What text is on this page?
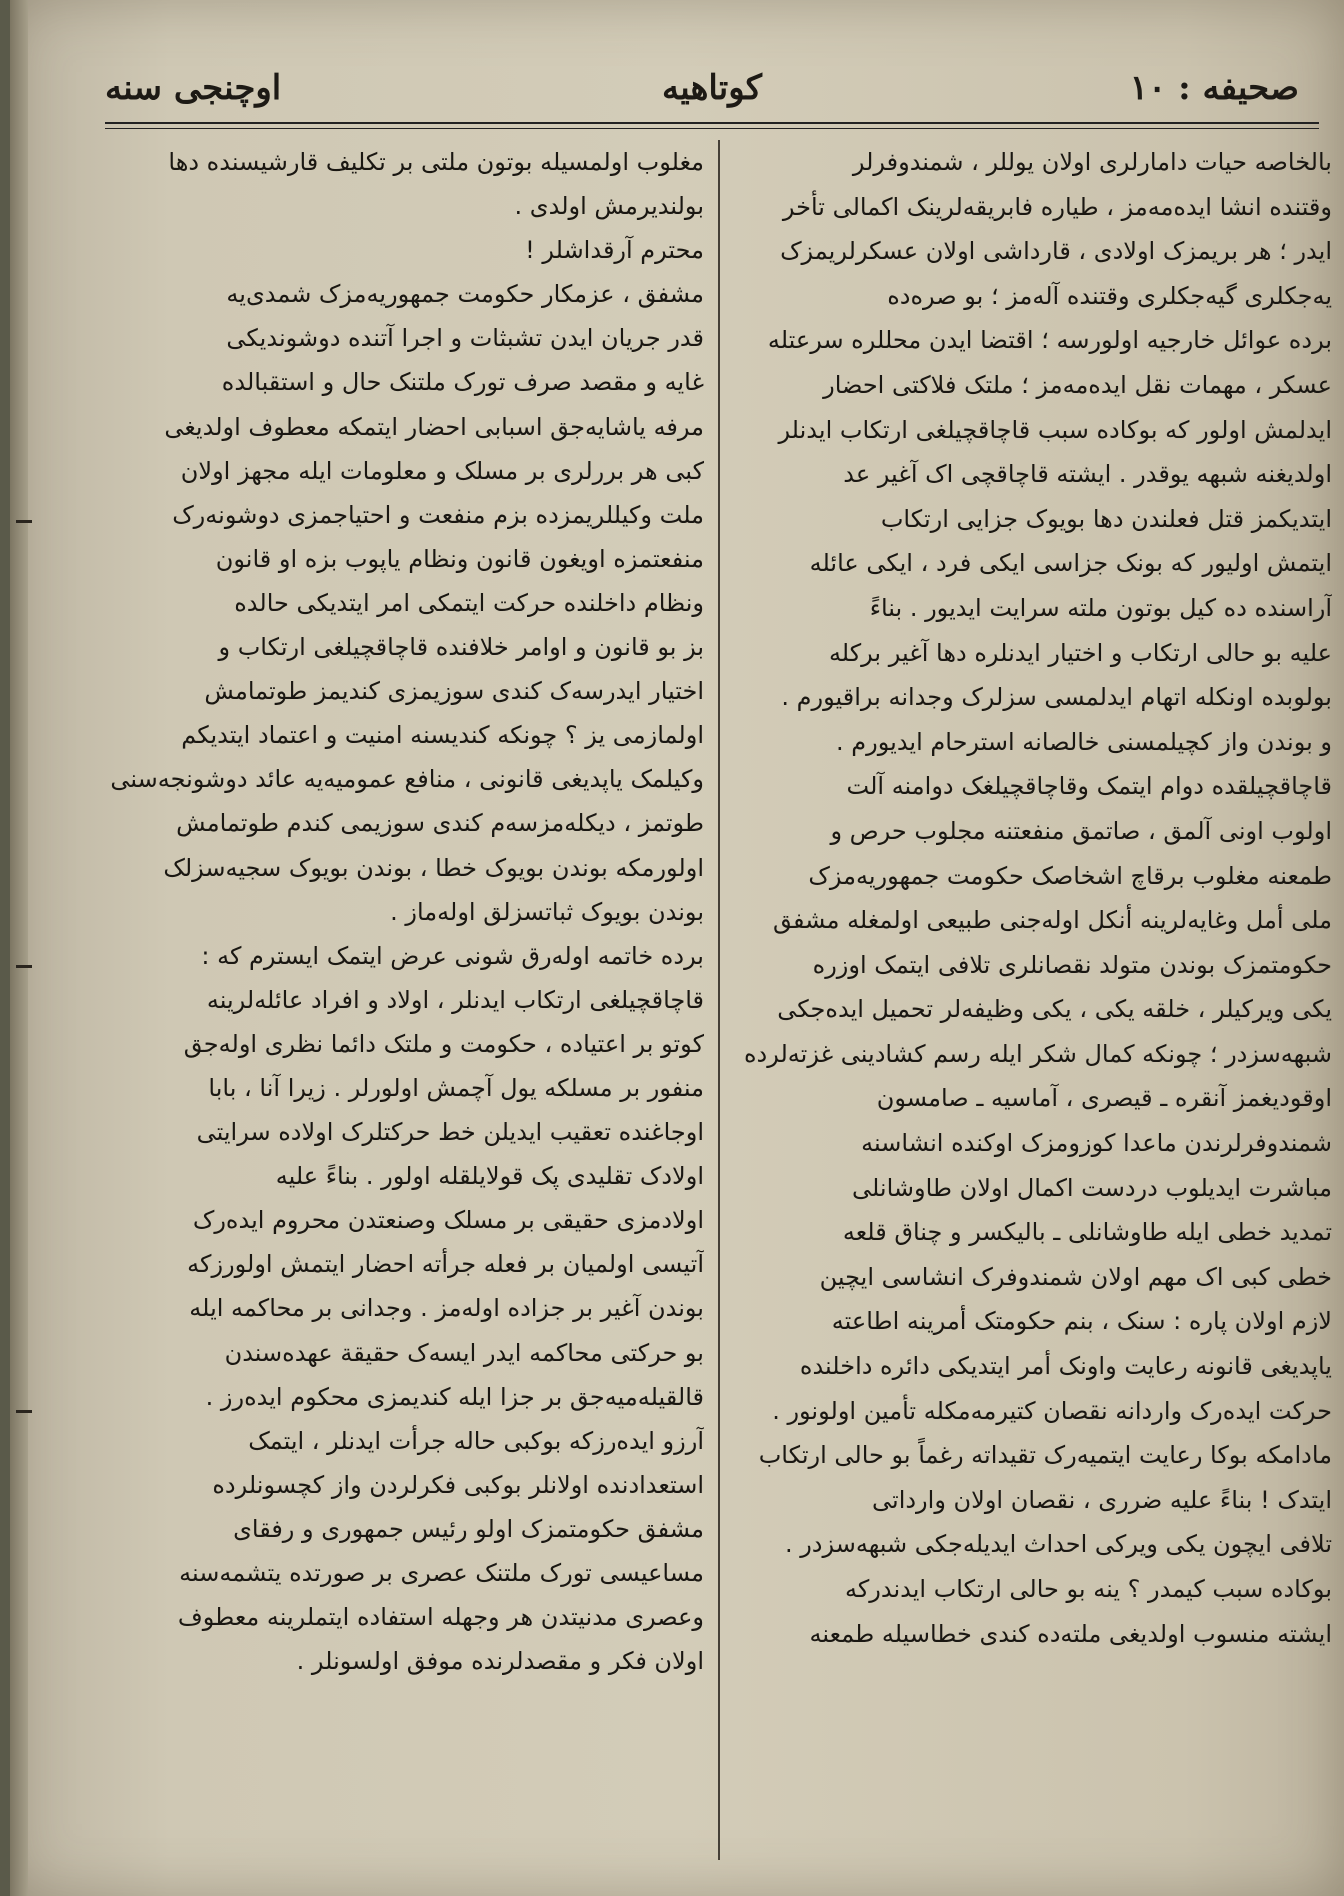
صحیفه : ۱۰
کوتاهیه
اوچنجی سنه
بالخاصه حیات دامارلری اولان یوللر ، شمندوفرلر
وقتنده انشا ایده‌مه‌مز ، طیاره فابریقه‌لرینک اکمالی تأخر
ایدر ؛ هر بریمزک اولادی ، قارداشی اولان عسکرلریمزک
یه‌جکلری گیه‌جکلری وقتنده آله‌مز ؛ بو صره‌ده
برده عوائل خارجیه اولورسه ؛ اقتضا ایدن محللره سرعتله
عسکر ، مهمات نقل ایده‌مه‌مز ؛ ملتک فلاکتی احضار
ایدلمش اولور که بوکاده سبب قاچاقچیلغی ارتکاب ایدنلر
اولدیغنه شبهه یوقدر . ایشته قاچاقچی اک آغیر عد
ایتدیکمز قتل فعلندن دها بویوک جزایی ارتکاب
ایتمش اولیور که بونک جزاسی ایکی فرد ، ایکی عائله
آراسنده ده کیل بوتون ملته سرایت ایدیور . بناءً
علیه بو حالی ارتکاب و اختیار ایدنلره دها آغیر برکله
بولوبده اونکله اتهام ایدلمسی سزلرک وجدانه براقیورم .
و بوندن واز کچیلمسنی خالصانه استرحام ایدیورم .
قاچاقچیلقده دوام ایتمک وقاچاقچیلغک دوامنه آلت
اولوب اونی آلمق ، صاتمق منفعتنه مجلوب حرص و
طمعنه مغلوب برقاچ اشخاصک حکومت جمهوریه‌مزک
ملی أمل وغایه‌لرینه أنکل اوله‌جنی طبیعی اولمغله مشفق
حکومتمزک بوندن متولد نقصانلری تلافی ایتمک اوزره
یکی ویرکیلر ، خلقه یکی ، یکی وظیفه‌لر تحمیل ایده‌جکی
شبهه‌سزدر ؛ چونکه کمال شکر ایله رسم کشادینی غزته‌لرده
اوقودیغمز آنقره ـ قیصری ، آماسیه ـ صامسون
شمندوفرلرندن ماعدا کوزومزک اوکنده انشاسنه
مباشرت ایدیلوب دردست اکمال اولان طاوشانلی
تمدید خطی ایله طاوشانلی ـ بالیکسر و چناق قلعه
خطی کبی اک مهم اولان شمندوفرک انشاسی ایچین
لازم اولان پاره : سنک ، بنم حکومتک أمرینه اطاعته
یاپدیغی قانونه رعایت واونک أمر ایتدیکی دائره داخلنده
حرکت ایده‌رک واردانه نقصان کتیرمه‌مکله تأمین اولونور .
مادامکه بوکا رعایت ایتمیه‌رک تقیداته رغماً بو حالی ارتکاب
ایتدک ! بناءً علیه ضرری ، نقصان اولان وارداتی
تلافی ایچون یکی ویرکی احداث ایدیله‌جکی شبهه‌سزدر .
بوکاده سبب کیمدر ؟ ینه بو حالی ارتکاب ایدندرکه
ایشته منسوب اولدیغی ملته‌ده کندی خطاسیله طمعنه
مغلوب اولمسیله بوتون ملتی بر تکلیف قارشیسنده دها
بولندیرمش اولدی .
محترم آرقداشلر !
مشفق ، عزمکار حکومت جمهوریه‌مزک شمدی‌یه
قدر جریان ایدن تشبثات و اجرا آتنده دوشوندیکی
غایه و مقصد صرف تورک ملتنک حال و استقبالده
مرفه یاشایه‌جق اسبابی احضار ایتمکه معطوف اولدیغی
کبی هر بررلری بر مسلک و معلومات ایله مجهز اولان
ملت وکیللریمزده بزم منفعت و احتیاجمزی دوشونه‌رک
منفعتمزه اویغون قانون ونظام یاپوب بزه او قانون
ونظام داخلنده حرکت ایتمکی امر ایتدیکی حالده
بز بو قانون و اوامر خلافنده قاچاقچیلغی ارتکاب و
اختیار ایدرسه‌ک کندی سوزیمزی کندیمز طوتمامش
اولمازمی یز ؟ چونکه کندیسنه امنیت و اعتماد ایتدیکم
وکیلمک یاپدیغی قانونی ، منافع عمومیه‌یه عائد دوشونجه‌سنی
طوتمز ، دیکله‌مزسه‌م کندی سوزیمی کندم طوتمامش
اولورمکه بوندن بویوک خطا ، بوندن بویوک سجیه‌سزلک
بوندن بویوک ثباتسزلق اوله‌ماز .
برده خاتمه اوله‌رق شونی عرض ایتمک ایسترم که :
قاچاقچیلغی ارتکاب ایدنلر ، اولاد و افراد عائله‌لرینه
کوتو بر اعتیاده ، حکومت و ملتک دائما نظری اوله‌جق
منفور بر مسلکه یول آچمش اولورلر . زیرا آنا ، بابا
اوجاغنده تعقیب ایدیلن خط حرکتلرک اولاده سرایتی
اولادک تقلیدی پک قولایلقله اولور . بناءً علیه
اولادمزی حقیقی بر مسلک وصنعتدن محروم ایده‌رک
آتیسی اولمیان بر فعله جرأته احضار ایتمش اولورزکه
بوندن آغیر بر جزاده اوله‌مز . وجدانی بر محاکمه ایله
بو حرکتی محاکمه ایدر ایسه‌ک حقیقة عهده‌سندن
قالقیله‌میه‌جق بر جزا ایله کندیمزی محکوم ایده‌رز .
آرزو ایده‌رزکه بوکبی حاله جرأت ایدنلر ، ایتمک
استعدادنده اولانلر بوکبی فکرلردن واز کچسونلرده
مشفق حکومتمزک اولو رئیس جمهوری و رفقای
مساعیسی تورک ملتنک عصری بر صورتده یتشمه‌سنه
وعصری مدنیتدن هر وجهله استفاده ایتملرینه معطوف
اولان فکر و مقصدلرنده موفق اولسونلر .
